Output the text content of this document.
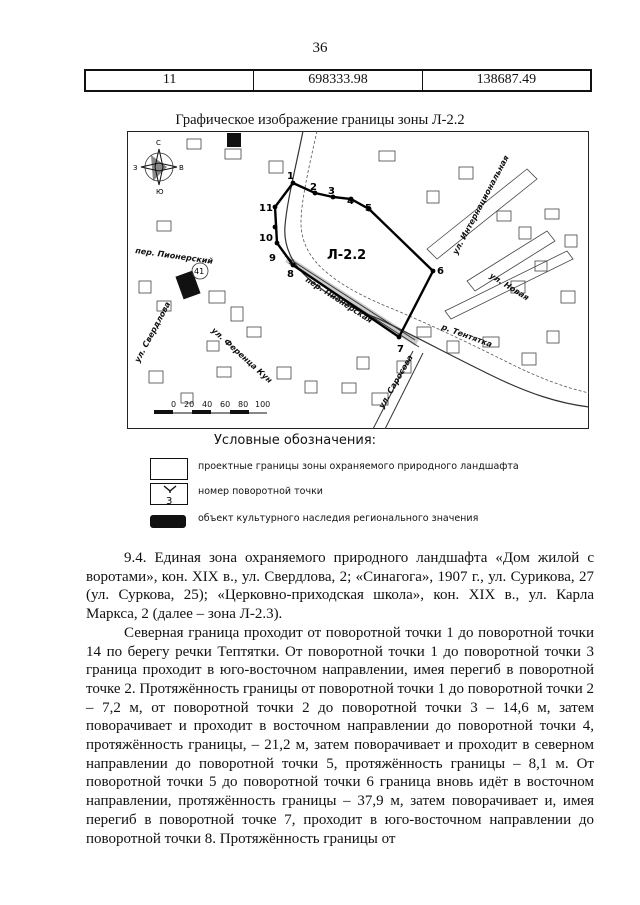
36
11	698333.98	138687.49
Графическое изображение границы зоны Л-2.2
1
2 3
4
5
6
7
8
9
10
11
Л-2.2
41
С
В
Ю
З
пер. Пионерский
пер. Пионерская
ул. Свердлова	ул. Ференца Кун	ул. Саросова
ул. Интернациональная
ул. Новая
р. Тентятка
0 20 40 60 80 100
Условные обозначения:
проектные границы зоны охраняемого природного ландшафта
3
номер поворотной точки
объект культурного наследия регионального значения

9.4. Единая зона охраняемого природного ландшафта «Дом жилой с воротами», кон. XIX в., ул. Свердлова, 2; «Синагога», 1907 г., ул. Сурикова, 27 (ул. Суркова, 25); «Церковно-приходская школа», кон. XIX в., ул. Карла Маркса, 2 (далее – зона Л-2.3).

Северная граница проходит от поворотной точки 1 до поворотной точки 14 по берегу речки Тептятки. От поворотной точки 1 до поворотной точки 3 граница проходит в юго-восточном направлении, имея перегиб в поворотной точке 2. Протяжённость границы от поворотной точки 1 до поворотной точки 2 – 7,2 м, от поворотной точки 2 до поворотной точки 3 – 14,6 м, затем поворачивает и проходит в восточном направлении до поворотной точки 4, протяжённость границы, – 21,2 м, затем поворачивает и проходит в северном направлении до поворотной точки 5, протяжённость границы – 8,1 м. От поворотной точки 5 до поворотной точки 6 граница вновь идёт в восточном направлении, протяжённость границы – 37,9 м, затем поворачивает и, имея перегиб в поворотной точке 7, проходит в юго-восточном направлении до поворотной точки 8. Протяжённость границы от
